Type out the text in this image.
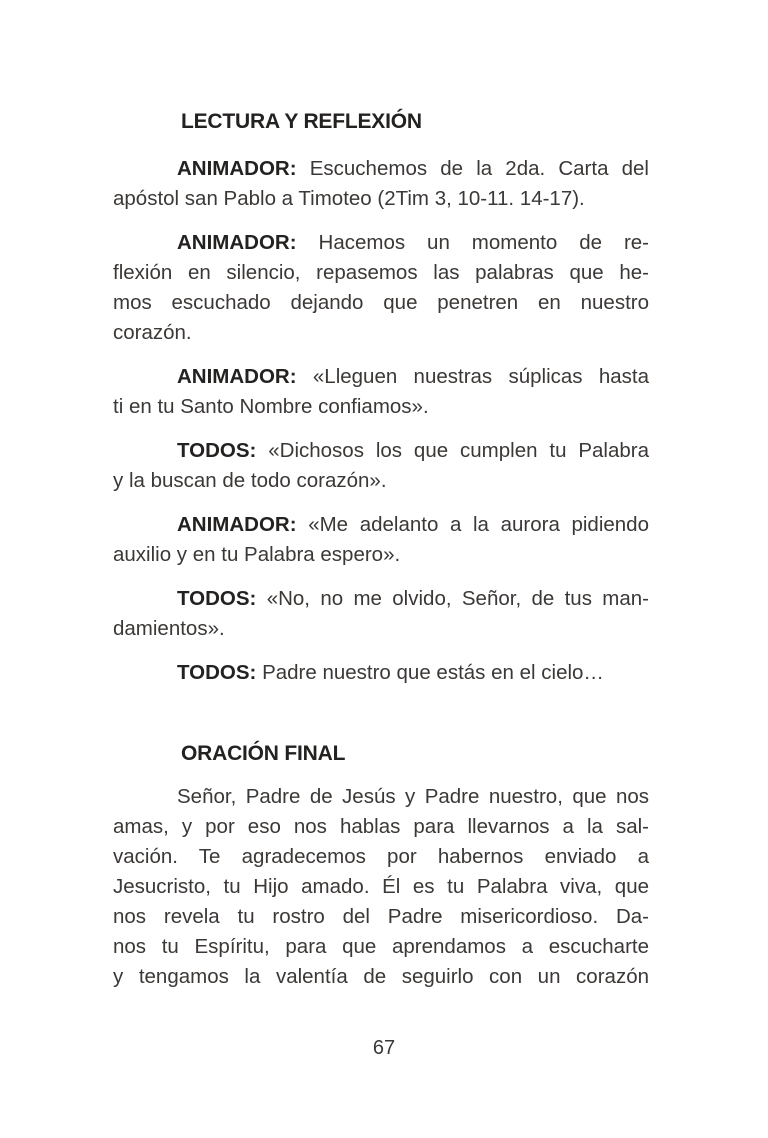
LECTURA Y REFLEXIÓN
ANIMADOR: Escuchemos de la 2da. Carta del
apóstol san Pablo a Timoteo (2Tim 3, 10-11. 14-17).
ANIMADOR: Hacemos un momento de re-
flexión en silencio, repasemos las palabras que he-
mos escuchado dejando que penetren en nuestro
corazón.
ANIMADOR: «Lleguen nuestras súplicas hasta
ti en tu Santo Nombre confiamos».
TODOS: «Dichosos los que cumplen tu Palabra
y la buscan de todo corazón».
ANIMADOR: «Me adelanto a la aurora pidiendo
auxilio y en tu Palabra espero».
TODOS: «No, no me olvido, Señor, de tus man-
damientos».
TODOS: Padre nuestro que estás en el cielo…
ORACIÓN FINAL
Señor, Padre de Jesús y Padre nuestro, que nos
amas, y por eso nos hablas para llevarnos a la sal-
vación. Te agradecemos por habernos enviado a
Jesucristo, tu Hijo amado. Él es tu Palabra viva, que
nos revela tu rostro del Padre misericordioso. Da-
nos tu Espíritu, para que aprendamos a escucharte
y tengamos la valentía de seguirlo con un corazón
67
